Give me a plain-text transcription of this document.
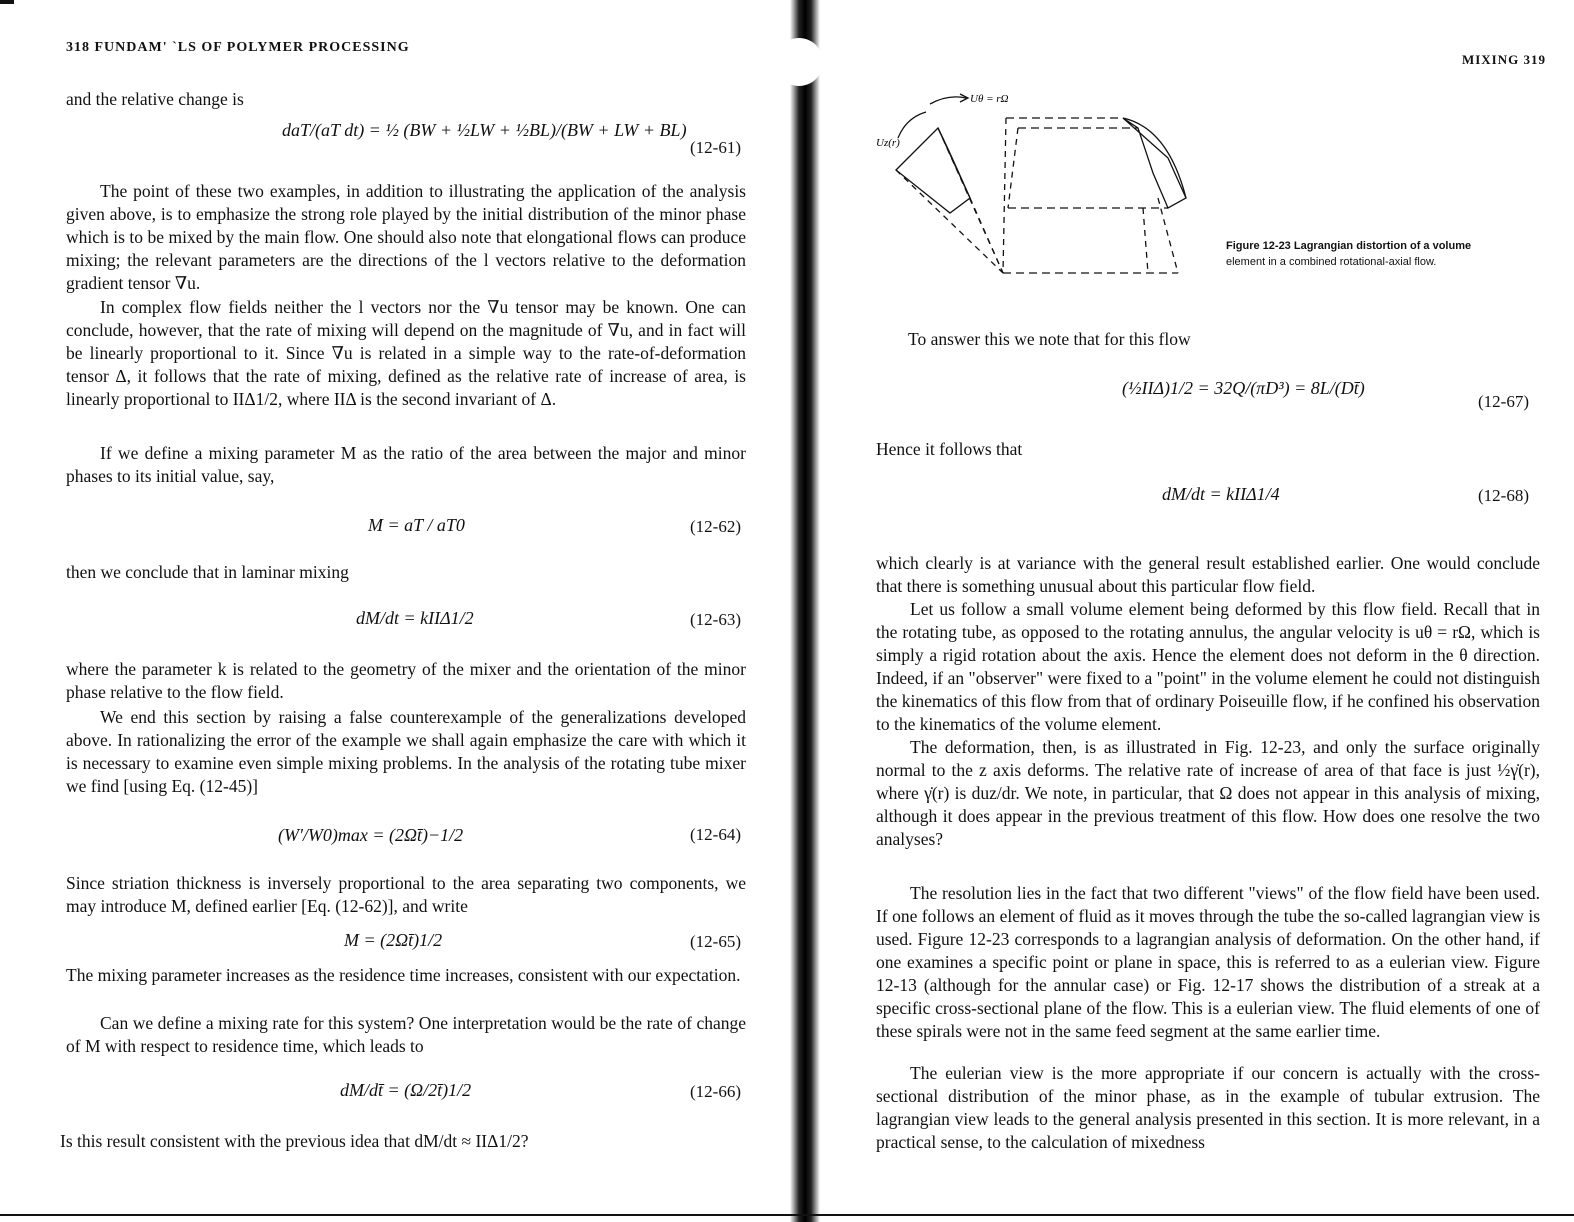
318 FUNDAM' `LS OF POLYMER PROCESSING

and the relative change is

daT/(aT dt) = ½ (BW + ½LW + ½BL)/(BW + LW + BL)
(12-61)

The point of these two examples, in addition to illustrating the application of the analysis given above, is to emphasize the strong role played by the initial distribution of the minor phase which is to be mixed by the main flow. One should also note that elongational flows can produce mixing; the relevant parameters are the directions of the l vectors relative to the deformation gradient tensor ∇u.

In complex flow fields neither the l vectors nor the ∇u tensor may be known. One can conclude, however, that the rate of mixing will depend on the magnitude of ∇u, and in fact will be linearly proportional to it. Since ∇u is related in a simple way to the rate-of-deformation tensor Δ, it follows that the rate of mixing, defined as the relative rate of increase of area, is linearly proportional to IIΔ1/2, where IIΔ is the second invariant of Δ.

If we define a mixing parameter M as the ratio of the area between the major and minor phases to its initial value, say,

M = aT / aT0	(12-62)

then we conclude that in laminar mixing

dM/dt = kIIΔ1/2	(12-63)

where the parameter k is related to the geometry of the mixer and the orientation of the minor phase relative to the flow field.

We end this section by raising a false counterexample of the generalizations developed above. In rationalizing the error of the example we shall again emphasize the care with which it is necessary to examine even simple mixing problems. In the analysis of the rotating tube mixer we find [using Eq. (12-45)]

(W'/W0)max = (2Ωt̄)−1/2	(12-64)

Since striation thickness is inversely proportional to the area separating two components, we may introduce M, defined earlier [Eq. (12-62)], and write

M = (2Ωt̄)1/2	(12-65)

The mixing parameter increases as the residence time increases, consistent with our expectation.

Can we define a mixing rate for this system? One interpretation would be the rate of change of M with respect to residence time, which leads to

dM/dt̄ = (Ω/2t̄)1/2	(12-66)

Is this result consistent with the previous idea that dM/dt ≈ IIΔ1/2?

MIXING 319
Uθ = rΩ
Uz(r)
Figure 12-23 Lagrangian distortion of a volume
element in a combined rotational-axial flow.

To answer this we note that for this flow

(½IIΔ)1/2 = 32Q/(πD³) = 8L/(Dt̄)
(12-67)

Hence it follows that

dM/dt = kIIΔ1/4	(12-68)

which clearly is at variance with the general result established earlier. One would conclude that there is something unusual about this particular flow field.

Let us follow a small volume element being deformed by this flow field. Recall that in the rotating tube, as opposed to the rotating annulus, the angular velocity is uθ = rΩ, which is simply a rigid rotation about the axis. Hence the element does not deform in the θ direction. Indeed, if an "observer" were fixed to a "point" in the volume element he could not distinguish the kinematics of this flow from that of ordinary Poiseuille flow, if he confined his observation to the kinematics of the volume element.

The deformation, then, is as illustrated in Fig. 12-23, and only the surface originally normal to the z axis deforms. The relative rate of increase of area of that face is just ½γ̇(r), where γ̇(r) is duz/dr. We note, in particular, that Ω does not appear in this analysis of mixing, although it does appear in the previous treatment of this flow. How does one resolve the two analyses?

The resolution lies in the fact that two different "views" of the flow field have been used. If one follows an element of fluid as it moves through the tube the so-called lagrangian view is used. Figure 12-23 corresponds to a lagrangian analysis of deformation. On the other hand, if one examines a specific point or plane in space, this is referred to as a eulerian view. Figure 12-13 (although for the annular case) or Fig. 12-17 shows the distribution of a streak at a specific cross-sectional plane of the flow. This is a eulerian view. The fluid elements of one of these spirals were not in the same feed segment at the same earlier time.

The eulerian view is the more appropriate if our concern is actually with the cross-sectional distribution of the minor phase, as in the example of tubular extrusion. The lagrangian view leads to the general analysis presented in this section. It is more relevant, in a practical sense, to the calculation of mixedness
